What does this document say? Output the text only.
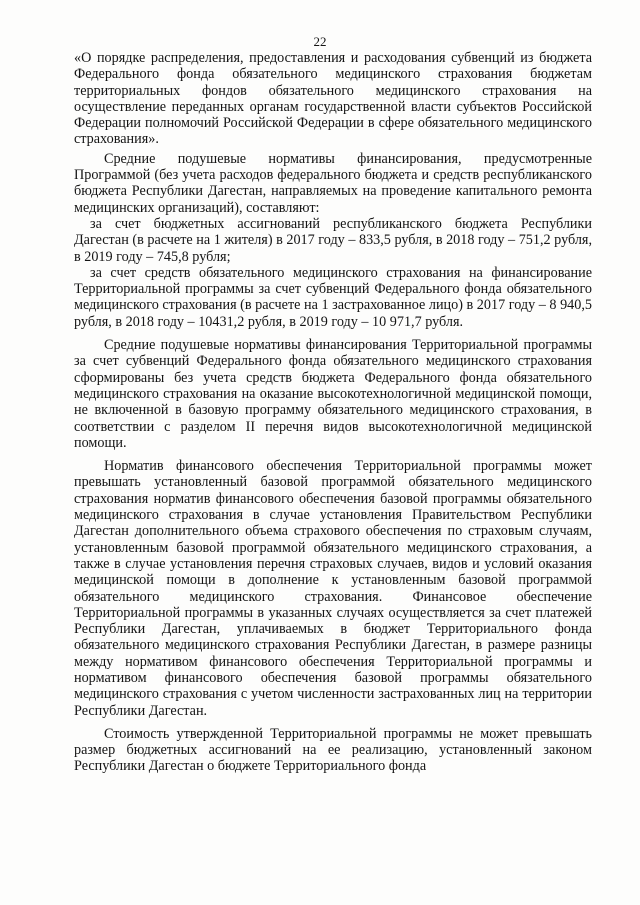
22

«О порядке распределения, предоставления и расходования субвенций из бюджета Федерального фонда обязательного медицинского страхования бюджетам территориальных фондов обязательного медицинского страхования на осуществление переданных органам государственной власти субъектов Российской Федерации полномочий Российской Федерации в сфере обязательного медицинского страхования».

Средние подушевые нормативы финансирования, предусмотренные Программой (без учета расходов федерального бюджета и средств республиканского бюджета Республики Дагестан, направляемых на проведение капитального ремонта медицинских организаций), составляют:

за счет бюджетных ассигнований республиканского бюджета Республики Дагестан (в расчете на 1 жителя) в 2017 году – 833,5 рубля, в 2018 году – 751,2 рубля, в 2019 году – 745,8 рубля;

за счет средств обязательного медицинского страхования на финансирование Территориальной программы за счет субвенций Федерального фонда обязательного медицинского страхования (в расчете на 1 застрахованное лицо) в 2017 году – 8 940,5 рубля, в 2018 году – 10431,2 рубля, в 2019 году – 10 971,7 рубля.

Средние подушевые нормативы финансирования Территориальной программы за счет субвенций Федерального фонда обязательного медицинского страхования сформированы без учета средств бюджета Федерального фонда обязательного медицинского страхования на оказание высокотехнологичной медицинской помощи, не включенной в базовую программу обязательного медицинского страхования, в соответствии с разделом II перечня видов высокотехнологичной медицинской помощи.

Норматив финансового обеспечения Территориальной программы может превышать установленный базовой программой обязательного медицинского страхования норматив финансового обеспечения базовой программы обязательного медицинского страхования в случае установления Правительством Республики Дагестан дополнительного объема страхового обеспечения по страховым случаям, установленным базовой программой обязательного медицинского страхования, а также в случае установления перечня страховых случаев, видов и условий оказания медицинской помощи в дополнение к установленным базовой программой обязательного медицинского страхования. Финансовое обеспечение Территориальной программы в указанных случаях осуществляется за счет платежей Республики Дагестан, уплачиваемых в бюджет Территориального фонда обязательного медицинского страхования Республики Дагестан, в размере разницы между нормативом финансового обеспечения Территориальной программы и нормативом финансового обеспечения базовой программы обязательного медицинского страхования с учетом численности застрахованных лиц на территории Республики Дагестан.

Стоимость утвержденной Территориальной программы не может превышать размер бюджетных ассигнований на ее реализацию, установленный законом Республики Дагестан о бюджете Территориального фонда
